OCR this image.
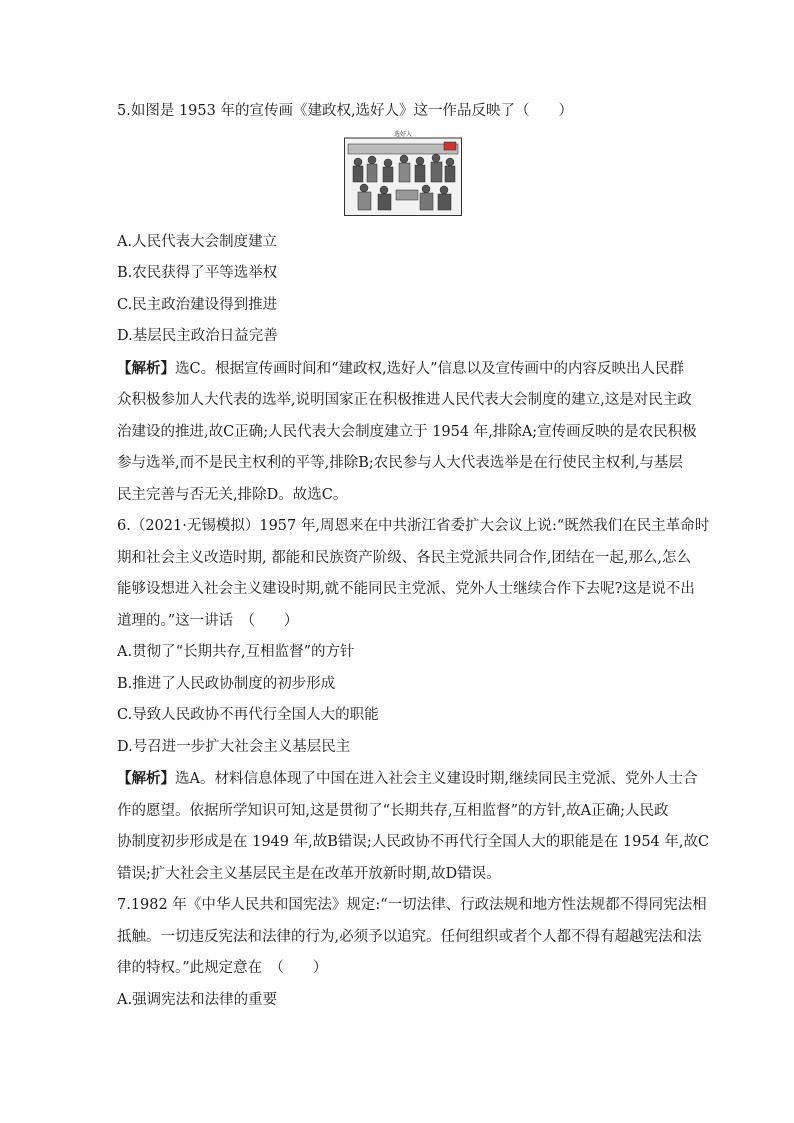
5.如图是 1953 年的宣传画《建政权,选好人》这一作品反映了（　　）
选好人
A.人民代表大会制度建立
B.农民获得了平等选举权
C.民主政治建设得到推进
D.基层民主政治日益完善
【解析】选C。根据宣传画时间和“建政权,选好人”信息以及宣传画中的内容反映出人民群
众积极参加人大代表的选举,说明国家正在积极推进人民代表大会制度的建立,这是对民主政
治建设的推进,故C正确;人民代表大会制度建立于 1954 年,排除A;宣传画反映的是农民积极
参与选举,而不是民主权利的平等,排除B;农民参与人大代表选举是在行使民主权利,与基层
民主完善与否无关,排除D。故选C。
6.（2021·无锡模拟）1957 年,周恩来在中共浙江省委扩大会议上说:“既然我们在民主革命时
期和社会主义改造时期, 都能和民族资产阶级、各民主党派共同合作,团结在一起,那么,怎么
能够设想进入社会主义建设时期,就不能同民主党派、党外人士继续合作下去呢?这是说不出
道理的。”这一讲话　（　　）
A.贯彻了“长期共存,互相监督”的方针
B.推进了人民政协制度的初步形成
C.导致人民政协不再代行全国人大的职能
D.号召进一步扩大社会主义基层民主
【解析】选A。材料信息体现了中国在进入社会主义建设时期,继续同民主党派、党外人士合
作的愿望。依据所学知识可知,这是贯彻了“长期共存,互相监督”的方针,故A正确;人民政
协制度初步形成是在 1949 年,故B错误;人民政协不再代行全国人大的职能是在 1954 年,故C
错误;扩大社会主义基层民主是在改革开放新时期,故D错误。
7.1982 年《中华人民共和国宪法》规定:“一切法律、行政法规和地方性法规都不得同宪法相
抵触。一切违反宪法和法律的行为,必须予以追究。任何组织或者个人都不得有超越宪法和法
律的特权。”此规定意在　（　　）
A.强调宪法和法律的重要
